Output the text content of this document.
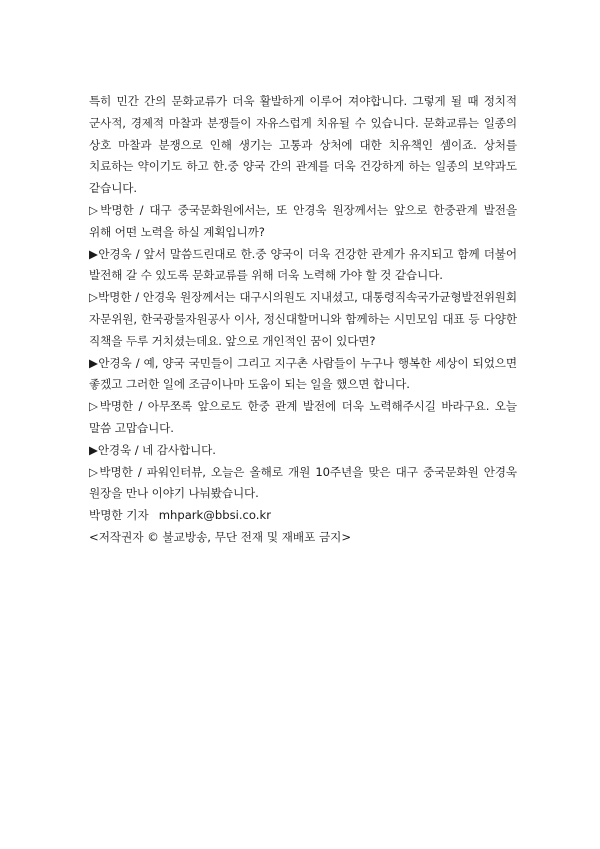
특히 민간 간의 문화교류가 더욱 활발하게 이루어 져야합니다. 그렇게 될 때 정치적 군사적, 경제적 마찰과 분쟁들이 자유스럽게 치유될 수 있습니다. 문화교류는 일종의 상호 마찰과 분쟁으로 인해 생기는 고통과 상처에 대한 치유책인 셈이죠. 상처를 치료하는 약이기도 하고 한.중 양국 간의 관계를 더욱 건강하게 하는 일종의 보약과도 같습니다.

▷박명한 / 대구 중국문화원에서는, 또 안경욱 원장께서는 앞으로 한중관계 발전을 위해 어떤 노력을 하실 계획입니까?

▶안경욱 / 앞서 말씀드린대로 한.중 양국이 더욱 건강한 관계가 유지되고 함께 더불어 발전해 갈 수 있도록 문화교류를 위해 더욱 노력해 가야 할 것 같습니다.

▷박명한 / 안경욱 원장께서는 대구시의원도 지내셨고, 대통령직속국가균형발전위원회 자문위원, 한국광물자원공사 이사, 정신대할머니와 함께하는 시민모임 대표 등 다양한 직책을 두루 거치셨는데요. 앞으로 개인적인 꿈이 있다면?

▶안경욱 / 예, 양국 국민들이 그리고 지구촌 사람들이 누구나 행복한 세상이 되었으면 좋겠고 그러한 일에 조금이나마 도움이 되는 일을 했으면 합니다.

▷박명한 / 아무쪼록 앞으로도 한중 관계 발전에 더욱 노력해주시길 바라구요. 오늘 말씀 고맙습니다.

▶안경욱 / 네 감사합니다.

▷박명한 / 파워인터뷰, 오늘은 올해로 개원 10주년을 맞은 대구 중국문화원 안경욱 원장을 만나 이야기 나눠봤습니다.

박명한 기자 mhpark@bbsi.co.kr

<저작권자 © 불교방송, 무단 전재 및 재배포 금지>
